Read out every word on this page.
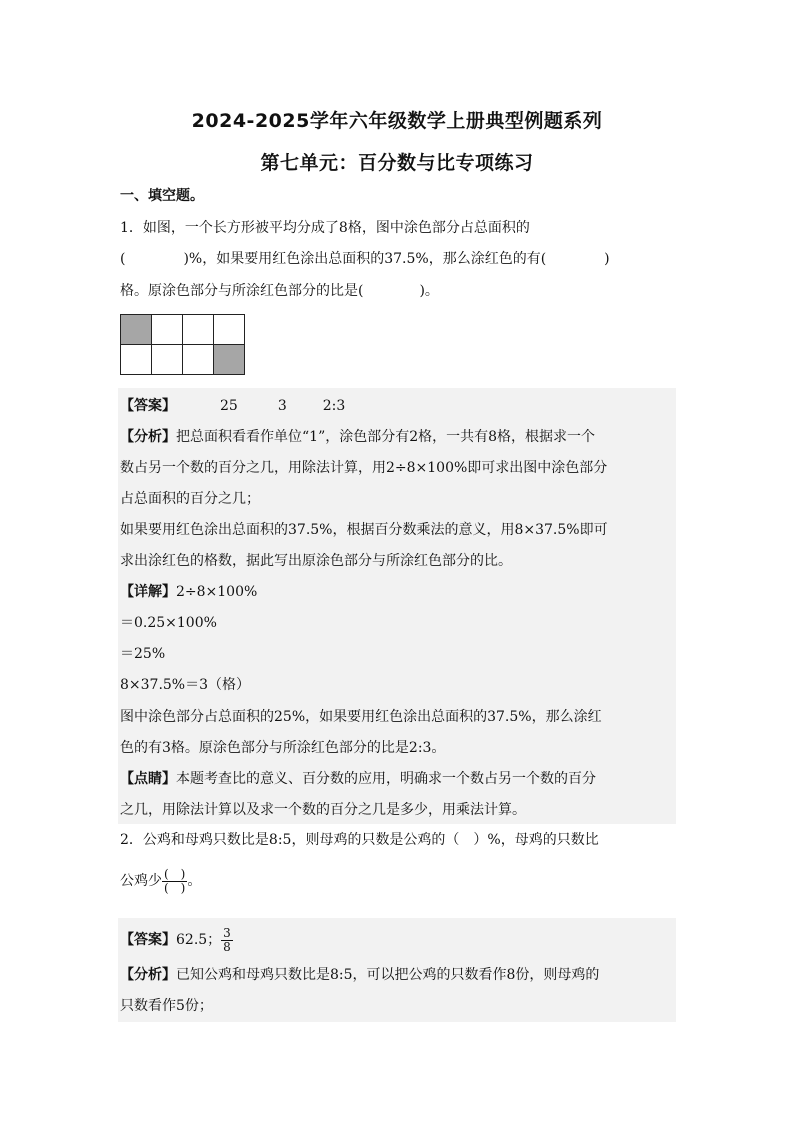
2024-2025学年六年级数学上册典型例题系列
第七单元：百分数与比专项练习
一、填空题。
1．如图，一个长方形被平均分成了8格，图中涂色部分占总面积的
(	)%，如果要用红色涂出总面积的37.5%，那么涂红色的有(	)
格。原涂色部分与所涂红色部分的比是(	)。

【答案】	25	3	2:3
【分析】把总面积看看作单位“1”，涂色部分有2格，一共有8格，根据求一个
数占另一个数的百分之几，用除法计算，用2÷8×100%即可求出图中涂色部分
占总面积的百分之几；
如果要用红色涂出总面积的37.5%，根据百分数乘法的意义，用8×37.5%即可
求出涂红色的格数，据此写出原涂色部分与所涂红色部分的比。
【详解】2÷8×100%
＝0.25×100%
＝25%
8×37.5%＝3（格）
图中涂色部分占总面积的25%，如果要用红色涂出总面积的37.5%，那么涂红
色的有3格。原涂色部分与所涂红色部分的比是2:3。
【点睛】本题考查比的意义、百分数的应用，明确求一个数占另一个数的百分
之几，用除法计算以及求一个数的百分之几是多少，用乘法计算。
2．公鸡和母鸡只数比是8:5，则母鸡的只数是公鸡的（　）%，母鸡的只数比
公鸡少 $\frac{( )}{( )}$ 。
【答案】62.5； $\frac{3}{8}$
【分析】已知公鸡和母鸡只数比是8:5，可以把公鸡的只数看作8份，则母鸡的
只数看作5份；
